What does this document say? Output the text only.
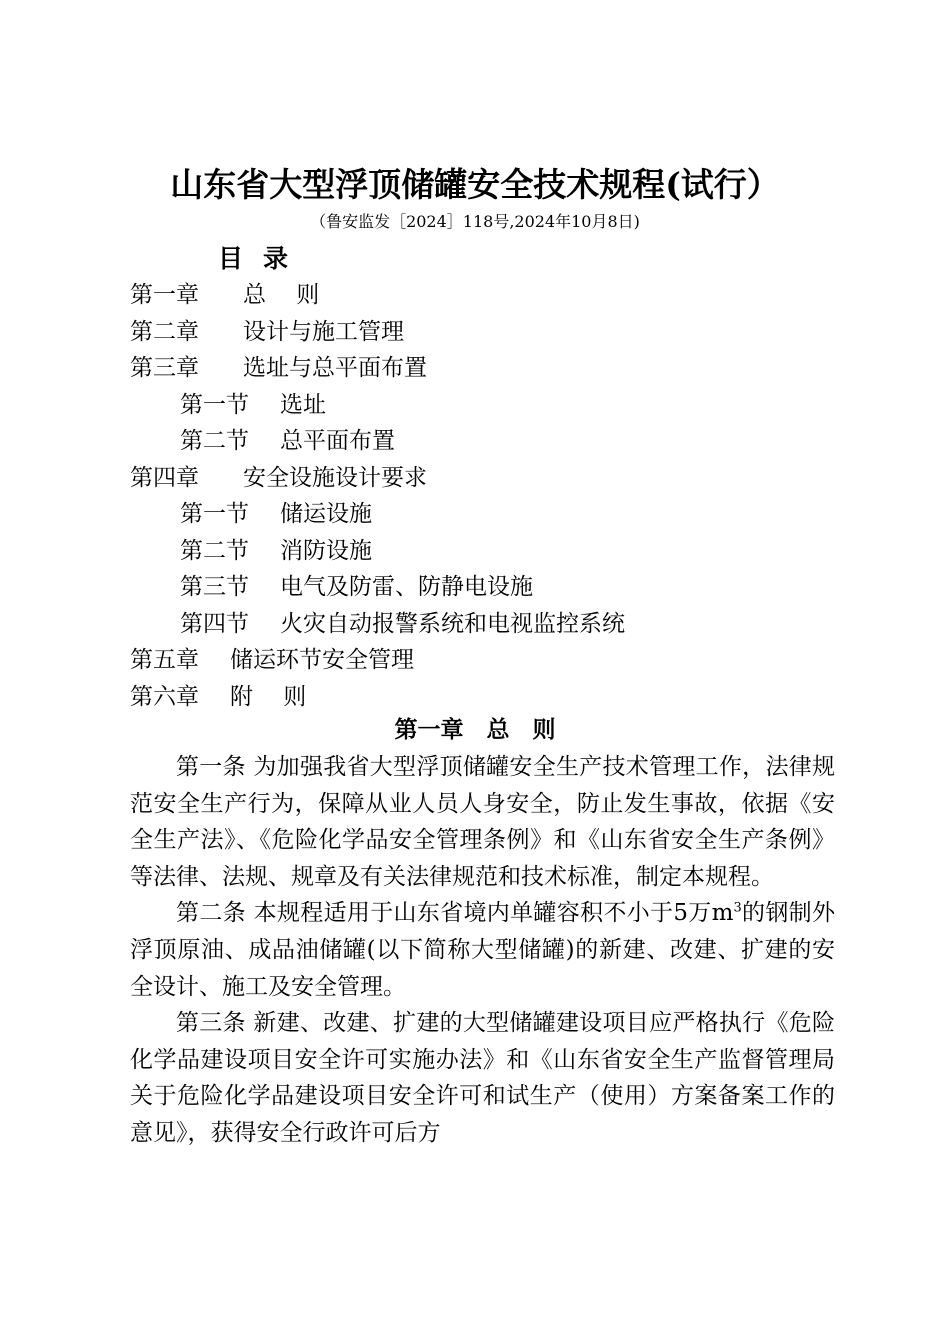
山东省大型浮顶储罐安全技术规程(试行）
（鲁安监发［2024］118号,2024年10月8日)
目录
第一章 总 则
第二章 设计与施工管理
第三章 选址与总平面布置
第一节 选址
第二节 总平面布置
第四章 安全设施设计要求
第一节 储运设施
第二节 消防设施
第三节 电气及防雷、防静电设施
第四节 火灾自动报警系统和电视监控系统
第五章 储运环节安全管理
第六章 附 则
第一章　总　则

第一条 为加强我省大型浮顶储罐安全生产技术管理工作，法律规范安全生产行为，保障从业人员人身安全，防止发生事故，依据《安全生产法》、《危险化学品安全管理条例》和《山东省安全生产条例》等法律、法规、规章及有关法律规范和技术标准，制定本规程。

第二条 本规程适用于山东省境内单罐容积不小于5万$m^3$的钢制外浮顶原油、成品油储罐(以下简称大型储罐)的新建、改建、扩建的安全设计、施工及安全管理。

第三条 新建、改建、扩建的大型储罐建设项目应严格执行《危险化学品建设项目安全许可实施办法》和《山东省安全生产监督管理局关于危险化学品建设项目安全许可和试生产（使用）方案备案工作的意见》，获得安全行政许可后方
